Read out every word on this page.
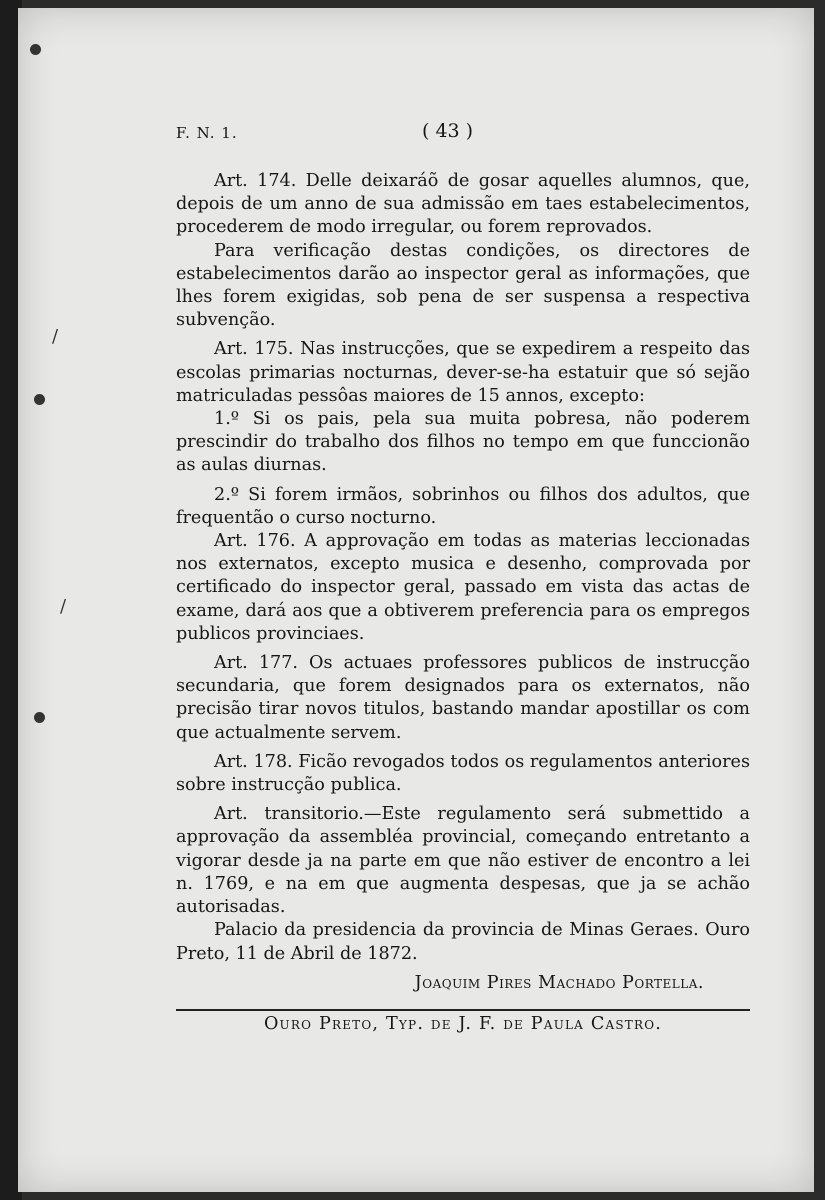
/
/
F. N. 1.	( 43 )

Art. 174. Delle deixaráõ de gosar aquelles alumnos, que, depois de um anno de sua admissão em taes estabelecimentos, procederem de modo irregular, ou forem reprovados.

Para verificação destas condições, os directores de estabelecimentos darão ao inspector geral as informações, que lhes forem exigidas, sob pena de ser suspensa a respectiva subvenção.

Art. 175. Nas instrucções, que se expedirem a respeito das escolas primarias nocturnas, dever-se-ha estatuir que só sejão matriculadas pessôas maiores de 15 annos, excepto:

1.º Si os pais, pela sua muita pobresa, não poderem prescindir do trabalho dos filhos no tempo em que funccionão as aulas diurnas.

2.º Si forem irmãos, sobrinhos ou filhos dos adultos, que frequentão o curso nocturno.

Art. 176. A approvação em todas as materias leccionadas nos externatos, excepto musica e desenho, comprovada por certificado do inspector geral, passado em vista das actas de exame, dará aos que a obtiverem preferencia para os empregos publicos provinciaes.

Art. 177. Os actuaes professores publicos de instrucção secundaria, que forem designados para os externatos, não precisão tirar novos titulos, bastando mandar apostillar os com que actualmente servem.

Art. 178. Ficão revogados todos os regulamentos anteriores sobre instrucção publica.

Art. transitorio.—Este regulamento será submettido a approvação da assembléa provincial, começando entretanto a vigorar desde ja na parte em que não estiver de encontro a lei n. 1769, e na em que augmenta despesas, que ja se achão autorisadas.

Palacio da presidencia da provincia de Minas Geraes. Ouro Preto, 11 de Abril de 1872.

Joaquim Pires Machado Portella.
Ouro Preto, Typ. de J. F. de Paula Castro.
